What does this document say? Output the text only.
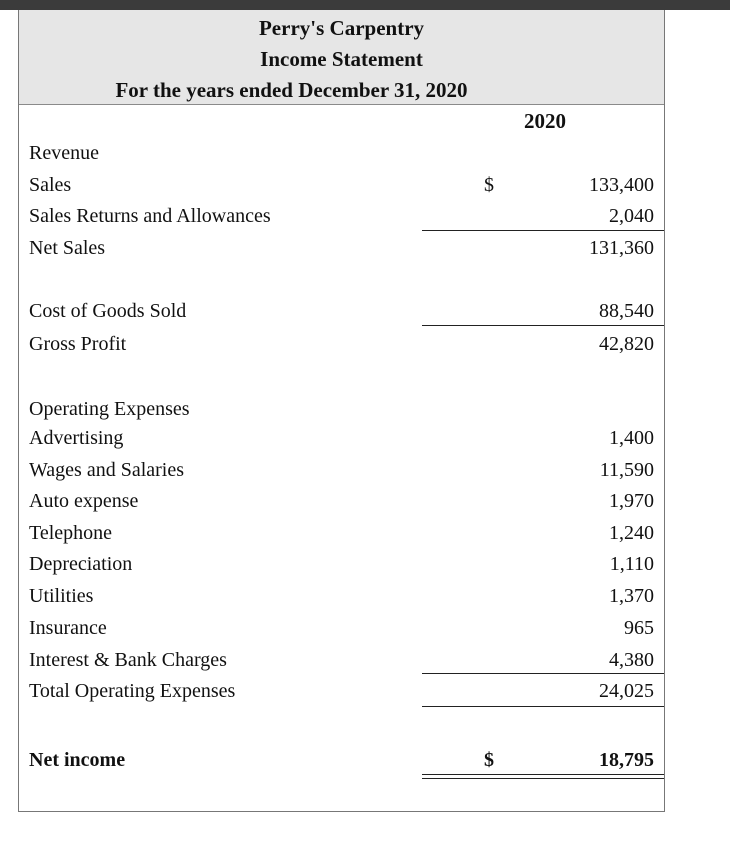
Perry's Carpentry
Income Statement
For the years ended December 31, 2020
2020
Revenue
Sales	$	133,400
Sales Returns and Allowances	2,040
Net Sales	131,360
Cost of Goods Sold	88,540
Gross Profit	42,820
Operating Expenses
Advertising	1,400
Wages and Salaries	11,590
Auto expense	1,970
Telephone	1,240
Depreciation	1,110
Utilities	1,370
Insurance	965
Interest & Bank Charges	4,380
Total Operating Expenses	24,025
Net income	$	18,795
